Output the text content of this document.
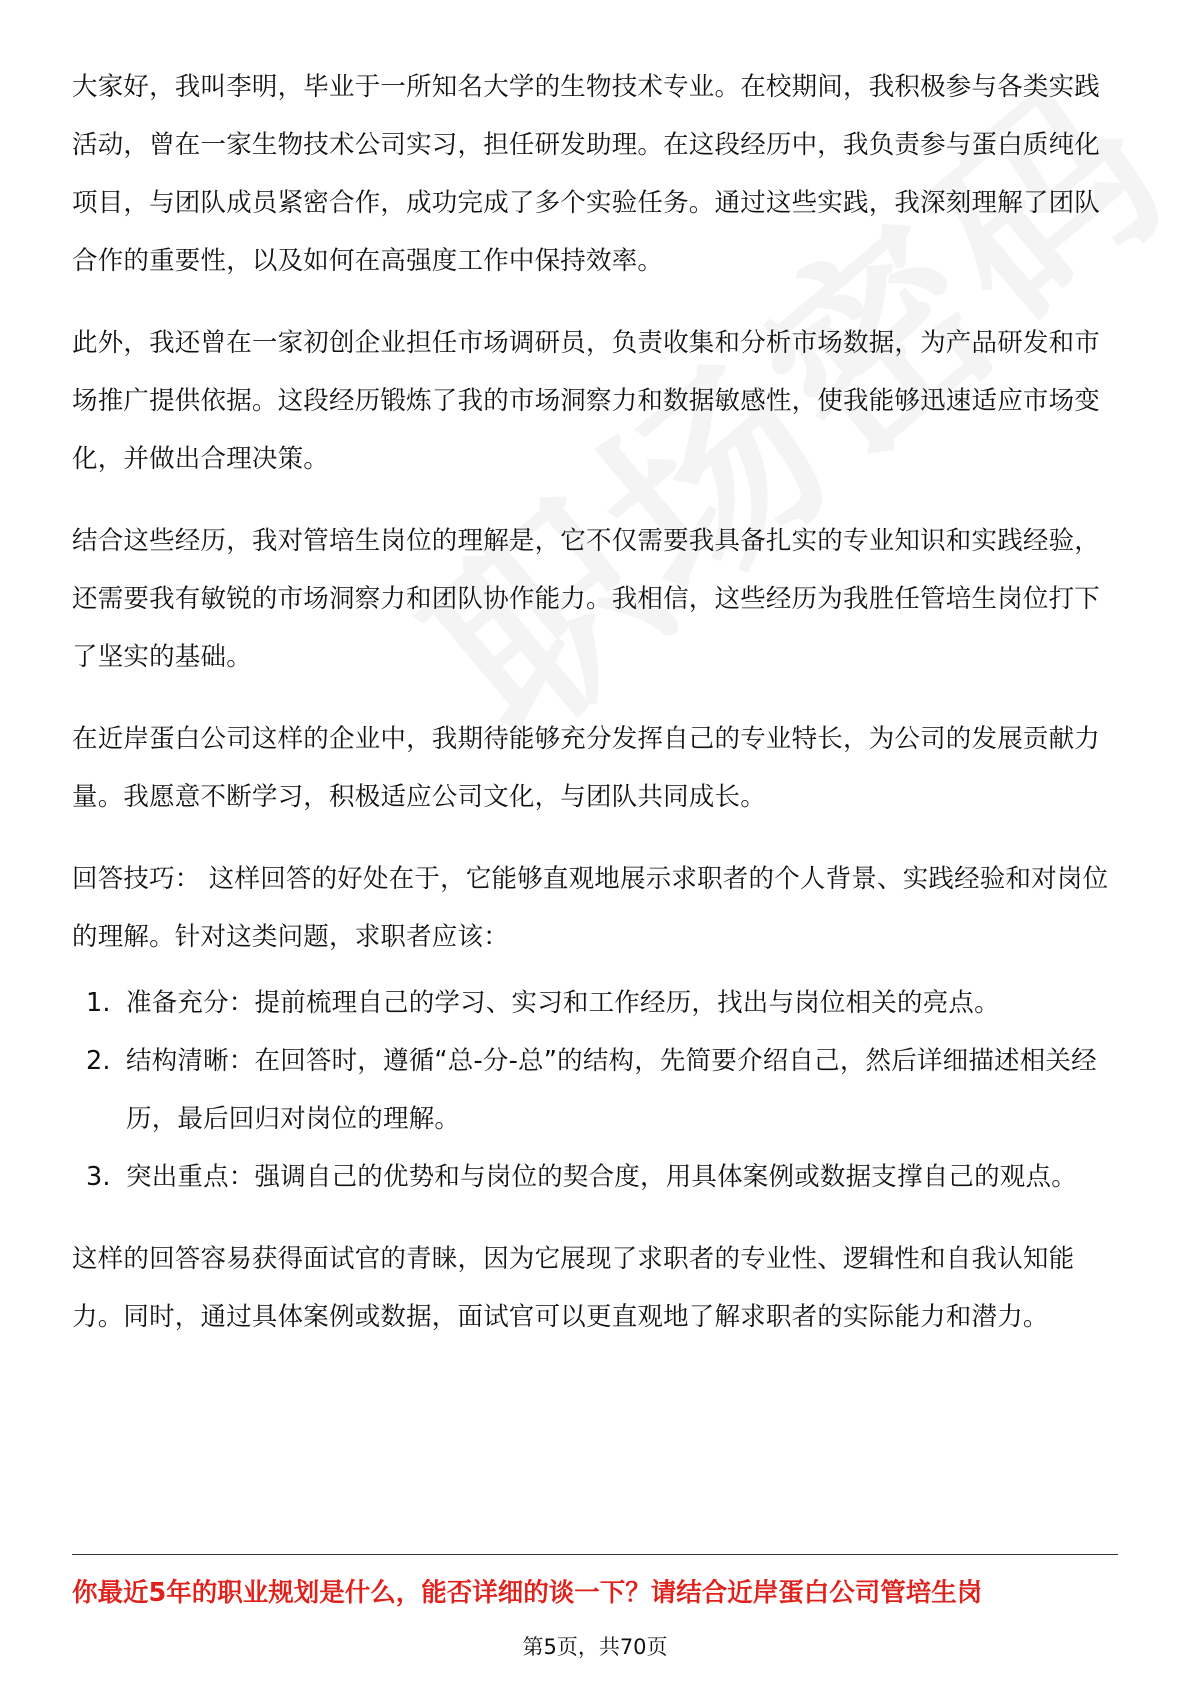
大家好，我叫李明，毕业于一所知名大学的生物技术专业。在校期间，我积极参与各类实践活动，曾在一家生物技术公司实习，担任研发助理。在这段经历中，我负责参与蛋白质纯化项目，与团队成员紧密合作，成功完成了多个实验任务。通过这些实践，我深刻理解了团队合作的重要性，以及如何在高强度工作中保持效率。

此外，我还曾在一家初创企业担任市场调研员，负责收集和分析市场数据，为产品研发和市场推广提供依据。这段经历锻炼了我的市场洞察力和数据敏感性，使我能够迅速适应市场变化，并做出合理决策。

结合这些经历，我对管培生岗位的理解是，它不仅需要我具备扎实的专业知识和实践经验，还需要我有敏锐的市场洞察力和团队协作能力。我相信，这些经历为我胜任管培生岗位打下了坚实的基础。

在近岸蛋白公司这样的企业中，我期待能够充分发挥自己的专业特长，为公司的发展贡献力量。我愿意不断学习，积极适应公司文化，与团队共同成长。

回答技巧： 这样回答的好处在于，它能够直观地展示求职者的个人背景、实践经验和对岗位的理解。针对这类问题，求职者应该：

1. 准备充分：提前梳理自己的学习、实习和工作经历，找出与岗位相关的亮点。
2. 结构清晰：在回答时，遵循“总-分-总”的结构，先简要介绍自己，然后详细描述相关经历，最后回归对岗位的理解。
3. 突出重点：强调自己的优势和与岗位的契合度，用具体案例或数据支撑自己的观点。

这样的回答容易获得面试官的青睐，因为它展现了求职者的专业性、逻辑性和自我认知能力。同时，通过具体案例或数据，面试官可以更直观地了解求职者的实际能力和潜力。

你最近5年的职业规划是什么，能否详细的谈一下？请结合近岸蛋白公司管培生岗
第5页，共70页
